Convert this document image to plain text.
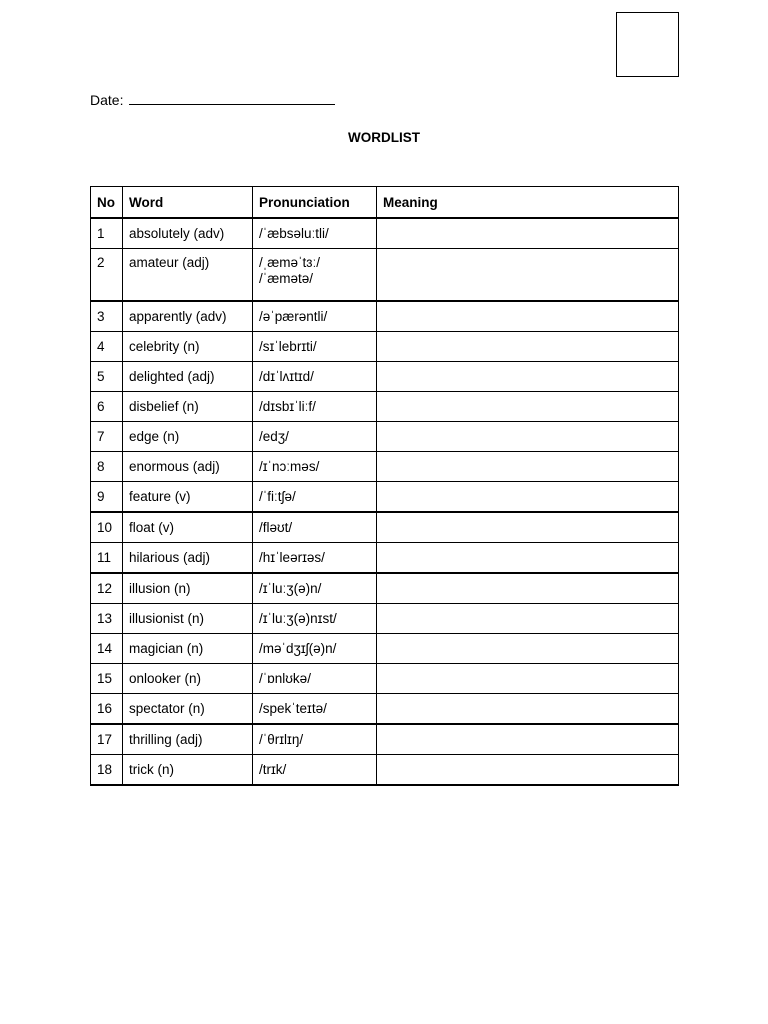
Date:
WORDLIST
No	Word	Pronunciation	Meaning
1	absolutely (adv)	/ˈæbsəluːtli/	

2	amateur (adj)	/ˌæməˈtɜː/
/ˈæmətə/	

3	apparently (adv)	/əˈpærəntli/	

4	celebrity (n)	/sɪˈlebrɪti/	

5	delighted (adj)	/dɪˈlʌɪtɪd/	

6	disbelief (n)	/dɪsbɪˈliːf/	

7	edge (n)	/edʒ/	

8	enormous (adj)	/ɪˈnɔːməs/	

9	feature (v)	/ˈfiːtʃə/	

10	float (v)	/fləʊt/	

11	hilarious (adj)	/hɪˈleərɪəs/	

12	illusion (n)	/ɪˈluːʒ(ə)n/	

13	illusionist (n)	/ɪˈluːʒ(ə)nɪst/	

14	magician (n)	/məˈdʒɪʃ(ə)n/	

15	onlooker (n)	/ˈɒnlʊkə/	

16	spectator (n)	/spekˈteɪtə/	

17	thrilling (adj)	/ˈθrɪlɪŋ/	

18	trick (n)	/trɪk/	
